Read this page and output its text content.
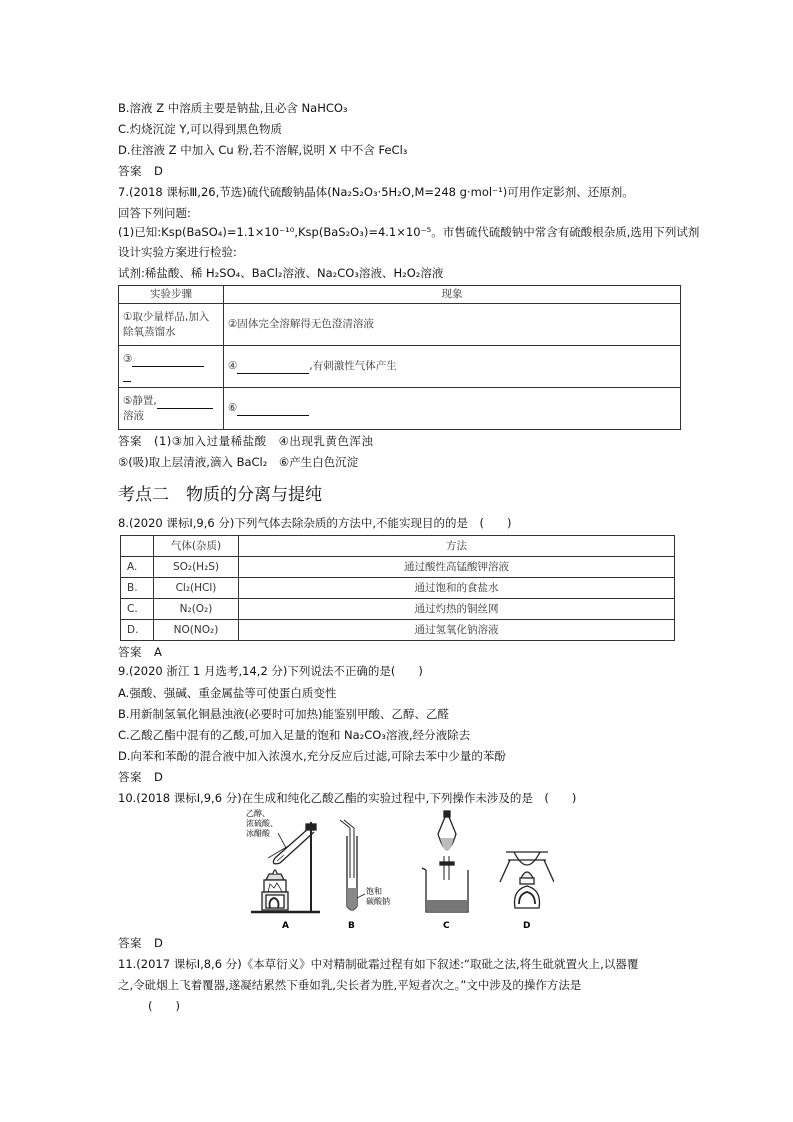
B.溶液 Z 中溶质主要是钠盐,且必含 NaHCO₃
C.灼烧沉淀 Y,可以得到黑色物质
D.往溶液 Z 中加入 Cu 粉,若不溶解,说明 X 中不含 FeCl₃
答案　D
7.(2018 课标Ⅲ,26,节选)硫代硫酸钠晶体(Na₂S₂O₃·5H₂O,M=248 g·mol⁻¹)可用作定影剂、还原剂。
回答下列问题:
(1)已知:Ksp(BaSO₄)=1.1×10⁻¹⁰,Ksp(BaS₂O₃)=4.1×10⁻⁵。市售硫代硫酸钠中常含有硫酸根杂质,选用下列试剂
设计实验方案进行检验:
试剂:稀盐酸、稀 H₂SO₄、BaCl₂溶液、Na₂CO₃溶液、H₂O₂溶液
实验步骤	现象

①取少量样品,加入
除氧蒸馏水	②固体完全溶解得无色澄清溶液

③	④ ,有刺激性气体产生

⑤静置,
溶液	⑥
答案　(1)③加入过量稀盐酸　④出现乳黄色浑浊
⑤(吸)取上层清液,滴入 BaCl₂　⑥产生白色沉淀
考点二　物质的分离与提纯
8.(2020 课标Ⅰ,9,6 分)下列气体去除杂质的方法中,不能实现目的的是　(　　)
	气体(杂质)	方法
A.	SO₂(H₂S)	通过酸性高锰酸钾溶液
B.	Cl₂(HCl)	通过饱和的食盐水
C.	N₂(O₂)	通过灼热的铜丝网
D.	NO(NO₂)	通过氢氧化钠溶液
答案　A
9.(2020 浙江 1 月选考,14,2 分)下列说法不正确的是(　　)
A.强酸、强碱、重金属盐等可使蛋白质变性
B.用新制氢氧化铜悬浊液(必要时可加热)能鉴别甲酸、乙醇、乙醛
C.乙酸乙酯中混有的乙酸,可加入足量的饱和 Na₂CO₃溶液,经分液除去
D.向苯和苯酚的混合液中加入浓溴水,充分反应后过滤,可除去苯中少量的苯酚
答案　D
10.(2018 课标Ⅰ,9,6 分)在生成和纯化乙酸乙酯的实验过程中,下列操作未涉及的是　(　　)
乙醇、
浓硫酸、
冰醋酸
A
饱和
碳酸钠
B	C	D
答案　D
11.(2017 课标Ⅰ,8,6 分)《本草衍义》中对精制砒霜过程有如下叙述:“取砒之法,将生砒就置火上,以器覆
之,令砒烟上飞着覆器,遂凝结累然下垂如乳,尖长者为胜,平短者次之。”文中涉及的操作方法是
(　　)
